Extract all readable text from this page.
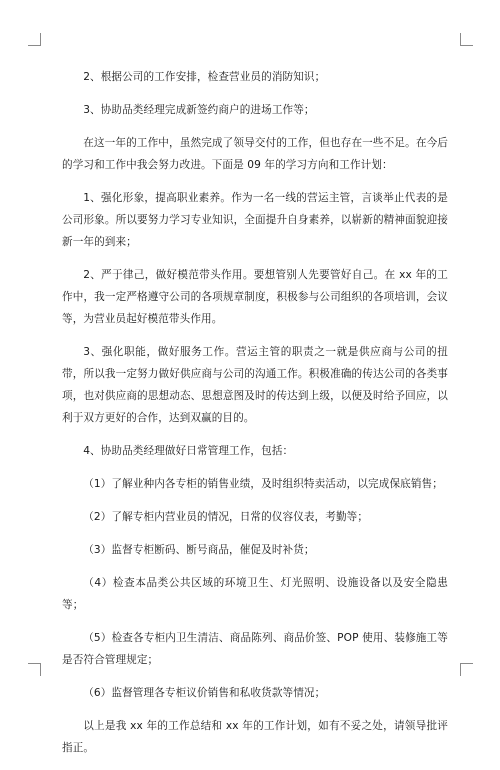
2、根据公司的工作安排，检查营业员的消防知识；

3、协助品类经理完成新签约商户的进场工作等；

在这一年的工作中，虽然完成了领导交付的工作，但也存在一些不足。在今后的学习和工作中我会努力改进。下面是 09 年的学习方向和工作计划：

1、强化形象，提高职业素养。作为一名一线的营运主管，言谈举止代表的是公司形象。所以要努力学习专业知识，全面提升自身素养，以崭新的精神面貌迎接新一年的到来；

2、严于律己，做好模范带头作用。要想管别人先要管好自己。在 xx 年的工作中，我一定严格遵守公司的各项规章制度，积极参与公司组织的各项培训，会议等，为营业员起好模范带头作用。

3、强化职能，做好服务工作。营运主管的职责之一就是供应商与公司的扭带，所以我一定努力做好供应商与公司的沟通工作。积极准确的传达公司的各类事项，也对供应商的思想动态、思想意图及时的传达到上级，以便及时给予回应，以利于双方更好的合作，达到双赢的目的。

4、协助品类经理做好日常管理工作，包括：

（1）了解业种内各专柜的销售业绩，及时组织特卖活动，以完成保底销售；

（2）了解专柜内营业员的情况，日常的仪容仪表，考勤等；

（3）监督专柜断码、断号商品，催促及时补货；

（4）检查本品类公共区域的环境卫生、灯光照明、设施设备以及安全隐患等；

（5）检查各专柜内卫生清洁、商品陈列、商品价签、POP 使用、装修施工等是否符合管理规定；

（6）监督管理各专柜议价销售和私收货款等情况；

以上是我 xx 年的工作总结和 xx 年的工作计划，如有不妥之处，请领导批评指正。
